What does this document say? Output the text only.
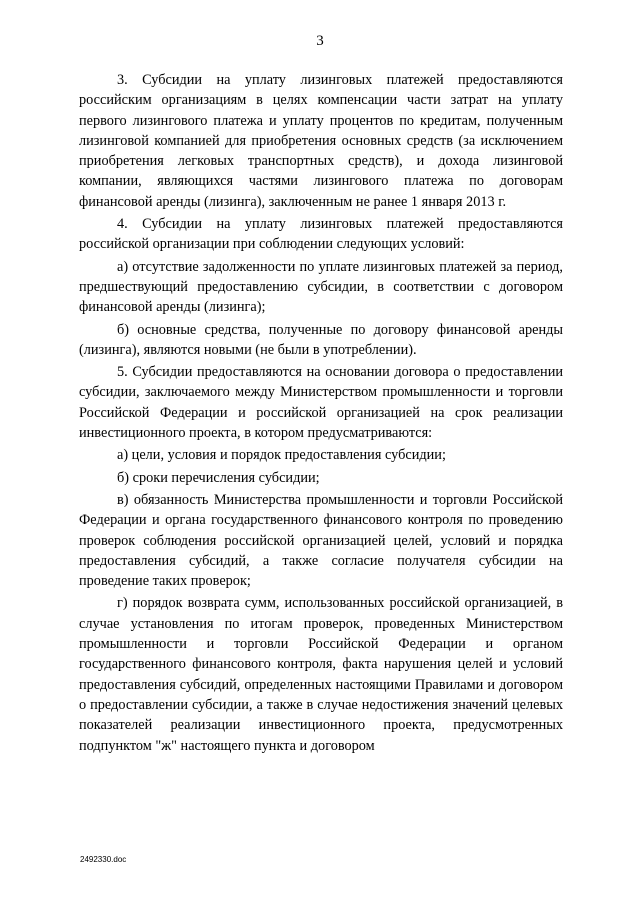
3

3. Субсидии на уплату лизинговых платежей предоставляются российским организациям в целях компенсации части затрат на уплату первого лизингового платежа и уплату процентов по кредитам, полученным лизинговой компанией для приобретения основных средств (за исключением приобретения легковых транспортных средств), и дохода лизинговой компании, являющихся частями лизингового платежа по договорам финансовой аренды (лизинга), заключенным не ранее 1 января 2013 г.

4. Субсидии на уплату лизинговых платежей предоставляются российской организации при соблюдении следующих условий:

а) отсутствие задолженности по уплате лизинговых платежей за период, предшествующий предоставлению субсидии, в соответствии с договором финансовой аренды (лизинга);

б) основные средства, полученные по договору финансовой аренды (лизинга), являются новыми (не были в употреблении).

5. Субсидии предоставляются на основании договора о предоставлении субсидии, заключаемого между Министерством промышленности и торговли Российской Федерации и российской организацией на срок реализации инвестиционного проекта, в котором предусматриваются:

а) цели, условия и порядок предоставления субсидии;

б) сроки перечисления субсидии;

в) обязанность Министерства промышленности и торговли Российской Федерации и органа государственного финансового контроля по проведению проверок соблюдения российской организацией целей, условий и порядка предоставления субсидий, а также согласие получателя субсидии на проведение таких проверок;

г) порядок возврата сумм, использованных российской организацией, в случае установления по итогам проверок, проведенных Министерством промышленности и торговли Российской Федерации и органом государственного финансового контроля, факта нарушения целей и условий предоставления субсидий, определенных настоящими Правилами и договором о предоставлении субсидии, а также в случае недостижения значений целевых показателей реализации инвестиционного проекта, предусмотренных подпунктом "ж" настоящего пункта и договором

2492330.doc
